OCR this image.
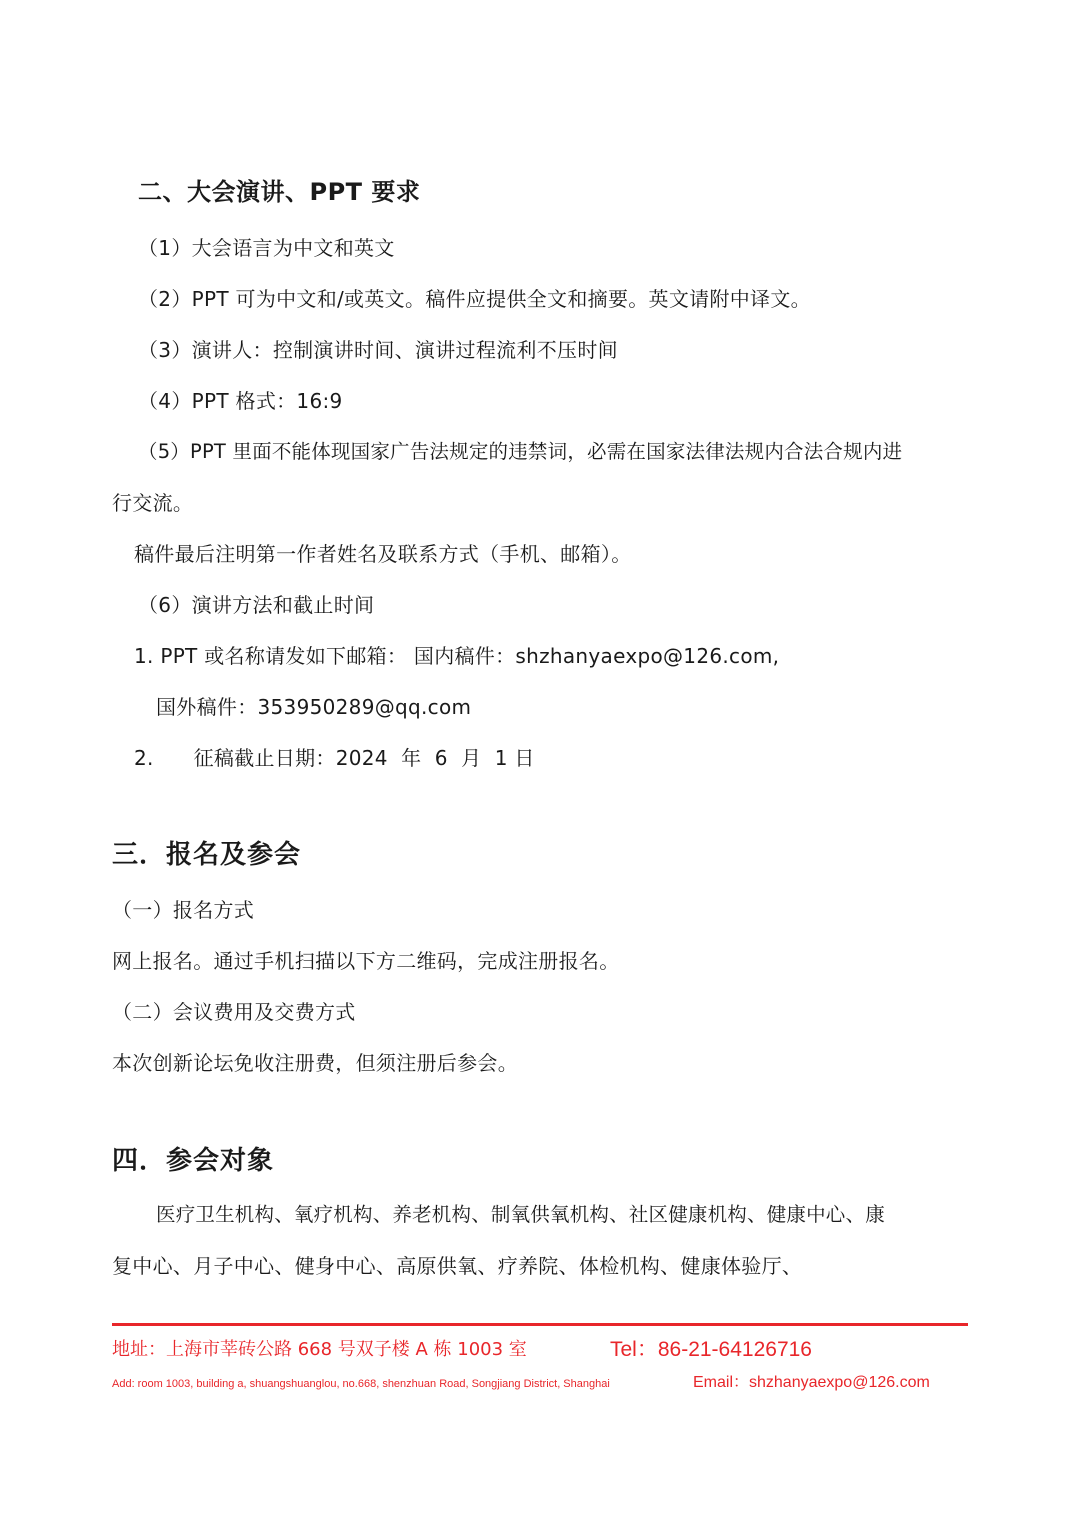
二、大会演讲、PPT 要求
（1）大会语言为中文和英文
（2）PPT 可为中文和/或英文。稿件应提供全文和摘要。英文请附中译文。
（3）演讲人：控制演讲时间、演讲过程流利不压时间
（4）PPT 格式：16:9
（5）PPT 里面不能体现国家广告法规定的违禁词，必需在国家法律法规内合法合规内进
行交流。
稿件最后注明第一作者姓名及联系方式（手机、邮箱）。
（6）演讲方法和截止时间
1. PPT 或名称请发如下邮箱： 国内稿件：shzhanyaexpo@126.com,
国外稿件：353950289@qq.com
2.      征稿截止日期：2024  年  6  月  1 日
三．报名及参会
（一）报名方式
网上报名。通过手机扫描以下方二维码，完成注册报名。
（二）会议费用及交费方式
本次创新论坛免收注册费，但须注册后参会。
四．参会对象
医疗卫生机构、氧疗机构、养老机构、制氧供氧机构、社区健康机构、健康中心、康
复中心、月子中心、健身中心、高原供氧、疗养院、体检机构、健康体验厅、
地址：上海市莘砖公路 668 号双子楼 A 栋 1003 室	Tel：86-21-64126716
Add: room 1003, building a, shuangshuanglou, no.668, shenzhuan Road, Songjiang District, Shanghai	Email：shzhanyaexpo@126.com
